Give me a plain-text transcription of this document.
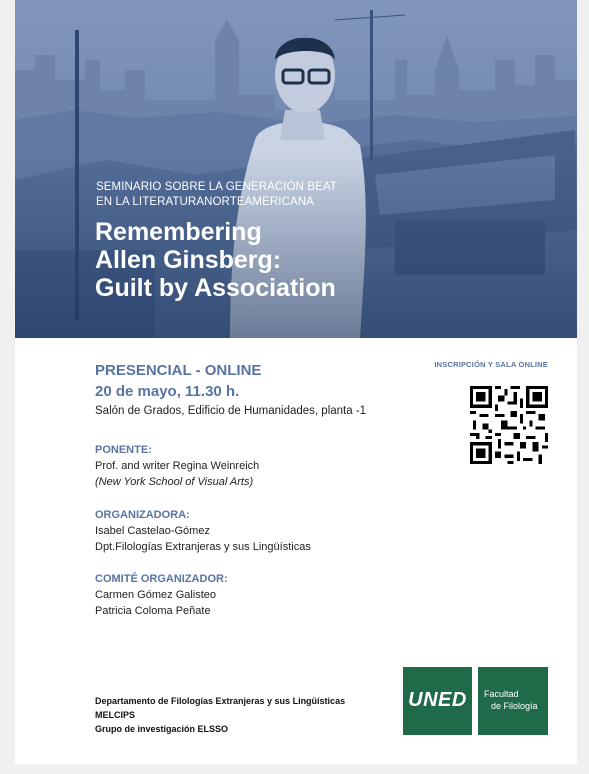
SEMINARIO SOBRE LA GENERACIÓN BEAT
EN LA LITERATURANORTEAMERICANA
Remembering
Allen Ginsberg:
Guilt by Association
PRESENCIAL - ONLINE
20 de mayo, 11.30 h.
Salón de Grados, Edificio de Humanidades, planta -1
PONENTE:
Prof. and writer Regina Weinreich
(New York School of Visual Arts)
ORGANIZADORA:
Isabel Castelao-Gómez
Dpt.Filologías Extranjeras y sus Lingüísticas
COMITÉ ORGANIZADOR:
Carmen Gómez Galisteo
Patricia Coloma Peñate
INSCRIPCIÓN Y SALA ONLINE
Departamento de Filologías Extranjeras y sus Lingüísticas
MELCIPS
Grupo de investigación ELSSO
UNED	Facultad
de Filología
